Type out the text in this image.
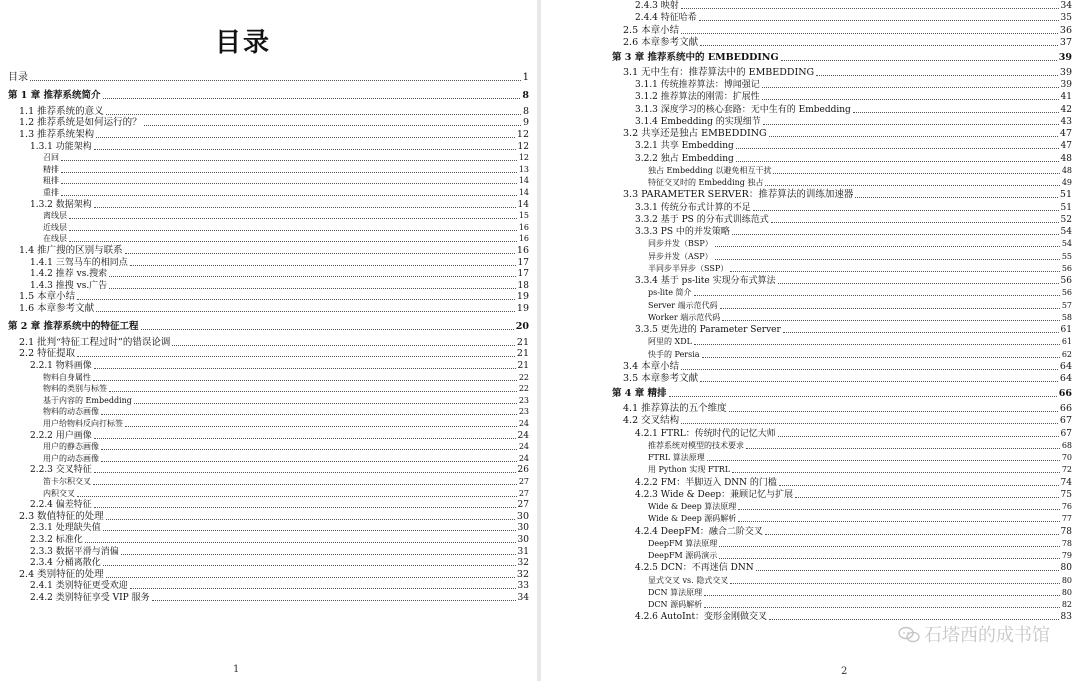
目录
目录	1
第 1 章 推荐系统简介	8
1.1 推荐系统的意义	8
1.2 推荐系统是如何运行的？	9
1.3 推荐系统架构	12
1.3.1 功能架构	12
召回	12
精排	13
粗排	14
重排	14
1.3.2 数据架构	14
离线层	15
近线层	16
在线层	16
1.4 推广搜的区别与联系	16
1.4.1 三驾马车的相同点	17
1.4.2 推荐 vs.搜索	17
1.4.3 推搜 vs.广告	18
1.5 本章小结	19
1.6 本章参考文献	19
第 2 章 推荐系统中的特征工程	20
2.1 批判“特征工程过时”的错误论调	21
2.2 特征提取	21
2.2.1 物料画像	21
物料自身属性	22
物料的类别与标签	22
基于内容的 Embedding	23
物料的动态画像	23
用户给物料反向打标签	24
2.2.2 用户画像	24
用户的静态画像	24
用户的动态画像	24
2.2.3 交叉特征	26
笛卡尔积交叉	27
内积交叉	27
2.2.4 偏差特征	27
2.3 数值特征的处理	30
2.3.1 处理缺失值	30
2.3.2 标准化	30
2.3.3 数据平滑与消偏	31
2.3.4 分桶离散化	32
2.4 类别特征的处理	32
2.4.1 类别特征更受欢迎	33
2.4.2 类别特征享受 VIP 服务	34
1
2.4.3 映射	34
2.4.4 特征哈希	35
2.5 本章小结	36
2.6 本章参考文献	37
第 3 章 推荐系统中的 EMBEDDING	39
3.1 无中生有：推荐算法中的 EMBEDDING	39
3.1.1 传统推荐算法：博闻强记	39
3.1.2 推荐算法的刚需：扩展性	41
3.1.3 深度学习的核心套路：无中生有的 Embedding	42
3.1.4 Embedding 的实现细节	43
3.2 共享还是独占 EMBEDDING	47
3.2.1 共享 Embedding	47
3.2.2 独占 Embedding	48
独占 Embedding 以避免相互干扰	48
特征交叉时的 Embedding 独占	49
3.3 PARAMETER SERVER：推荐算法的训练加速器	51
3.3.1 传统分布式计算的不足	51
3.3.2 基于 PS 的分布式训练范式	52
3.3.3 PS 中的并发策略	54
同步并发（BSP）	54
异步并发（ASP）	55
半同步半异步（SSP）	56
3.3.4 基于 ps-lite 实现分布式算法	56
ps-lite 简介	56
Server 端示范代码	57
Worker 端示范代码	58
3.3.5 更先进的 Parameter Server	61
阿里的 XDL	61
快手的 Persia	62
3.4 本章小结	64
3.5 本章参考文献	64
第 4 章 精排	66
4.1 推荐算法的五个维度	66
4.2 交叉结构	67
4.2.1 FTRL：传统时代的记忆大师	67
推荐系统对模型的技术要求	68
FTRL 算法原理	70
用 Python 实现 FTRL	72
4.2.2 FM：半脚迈入 DNN 的门槛	74
4.2.3 Wide & Deep：兼顾记忆与扩展	75
Wide & Deep 算法原理	76
Wide & Deep 源码解析	77
4.2.4 DeepFM：融合二阶交叉	78
DeepFM 算法原理	78
DeepFM 源码演示	79
4.2.5 DCN：不再迷信 DNN	80
显式交叉 vs. 隐式交叉	80
DCN 算法原理	80
DCN 源码解析	82
4.2.6 AutoInt：变形金刚做交叉	83
2
石塔西的成书馆
